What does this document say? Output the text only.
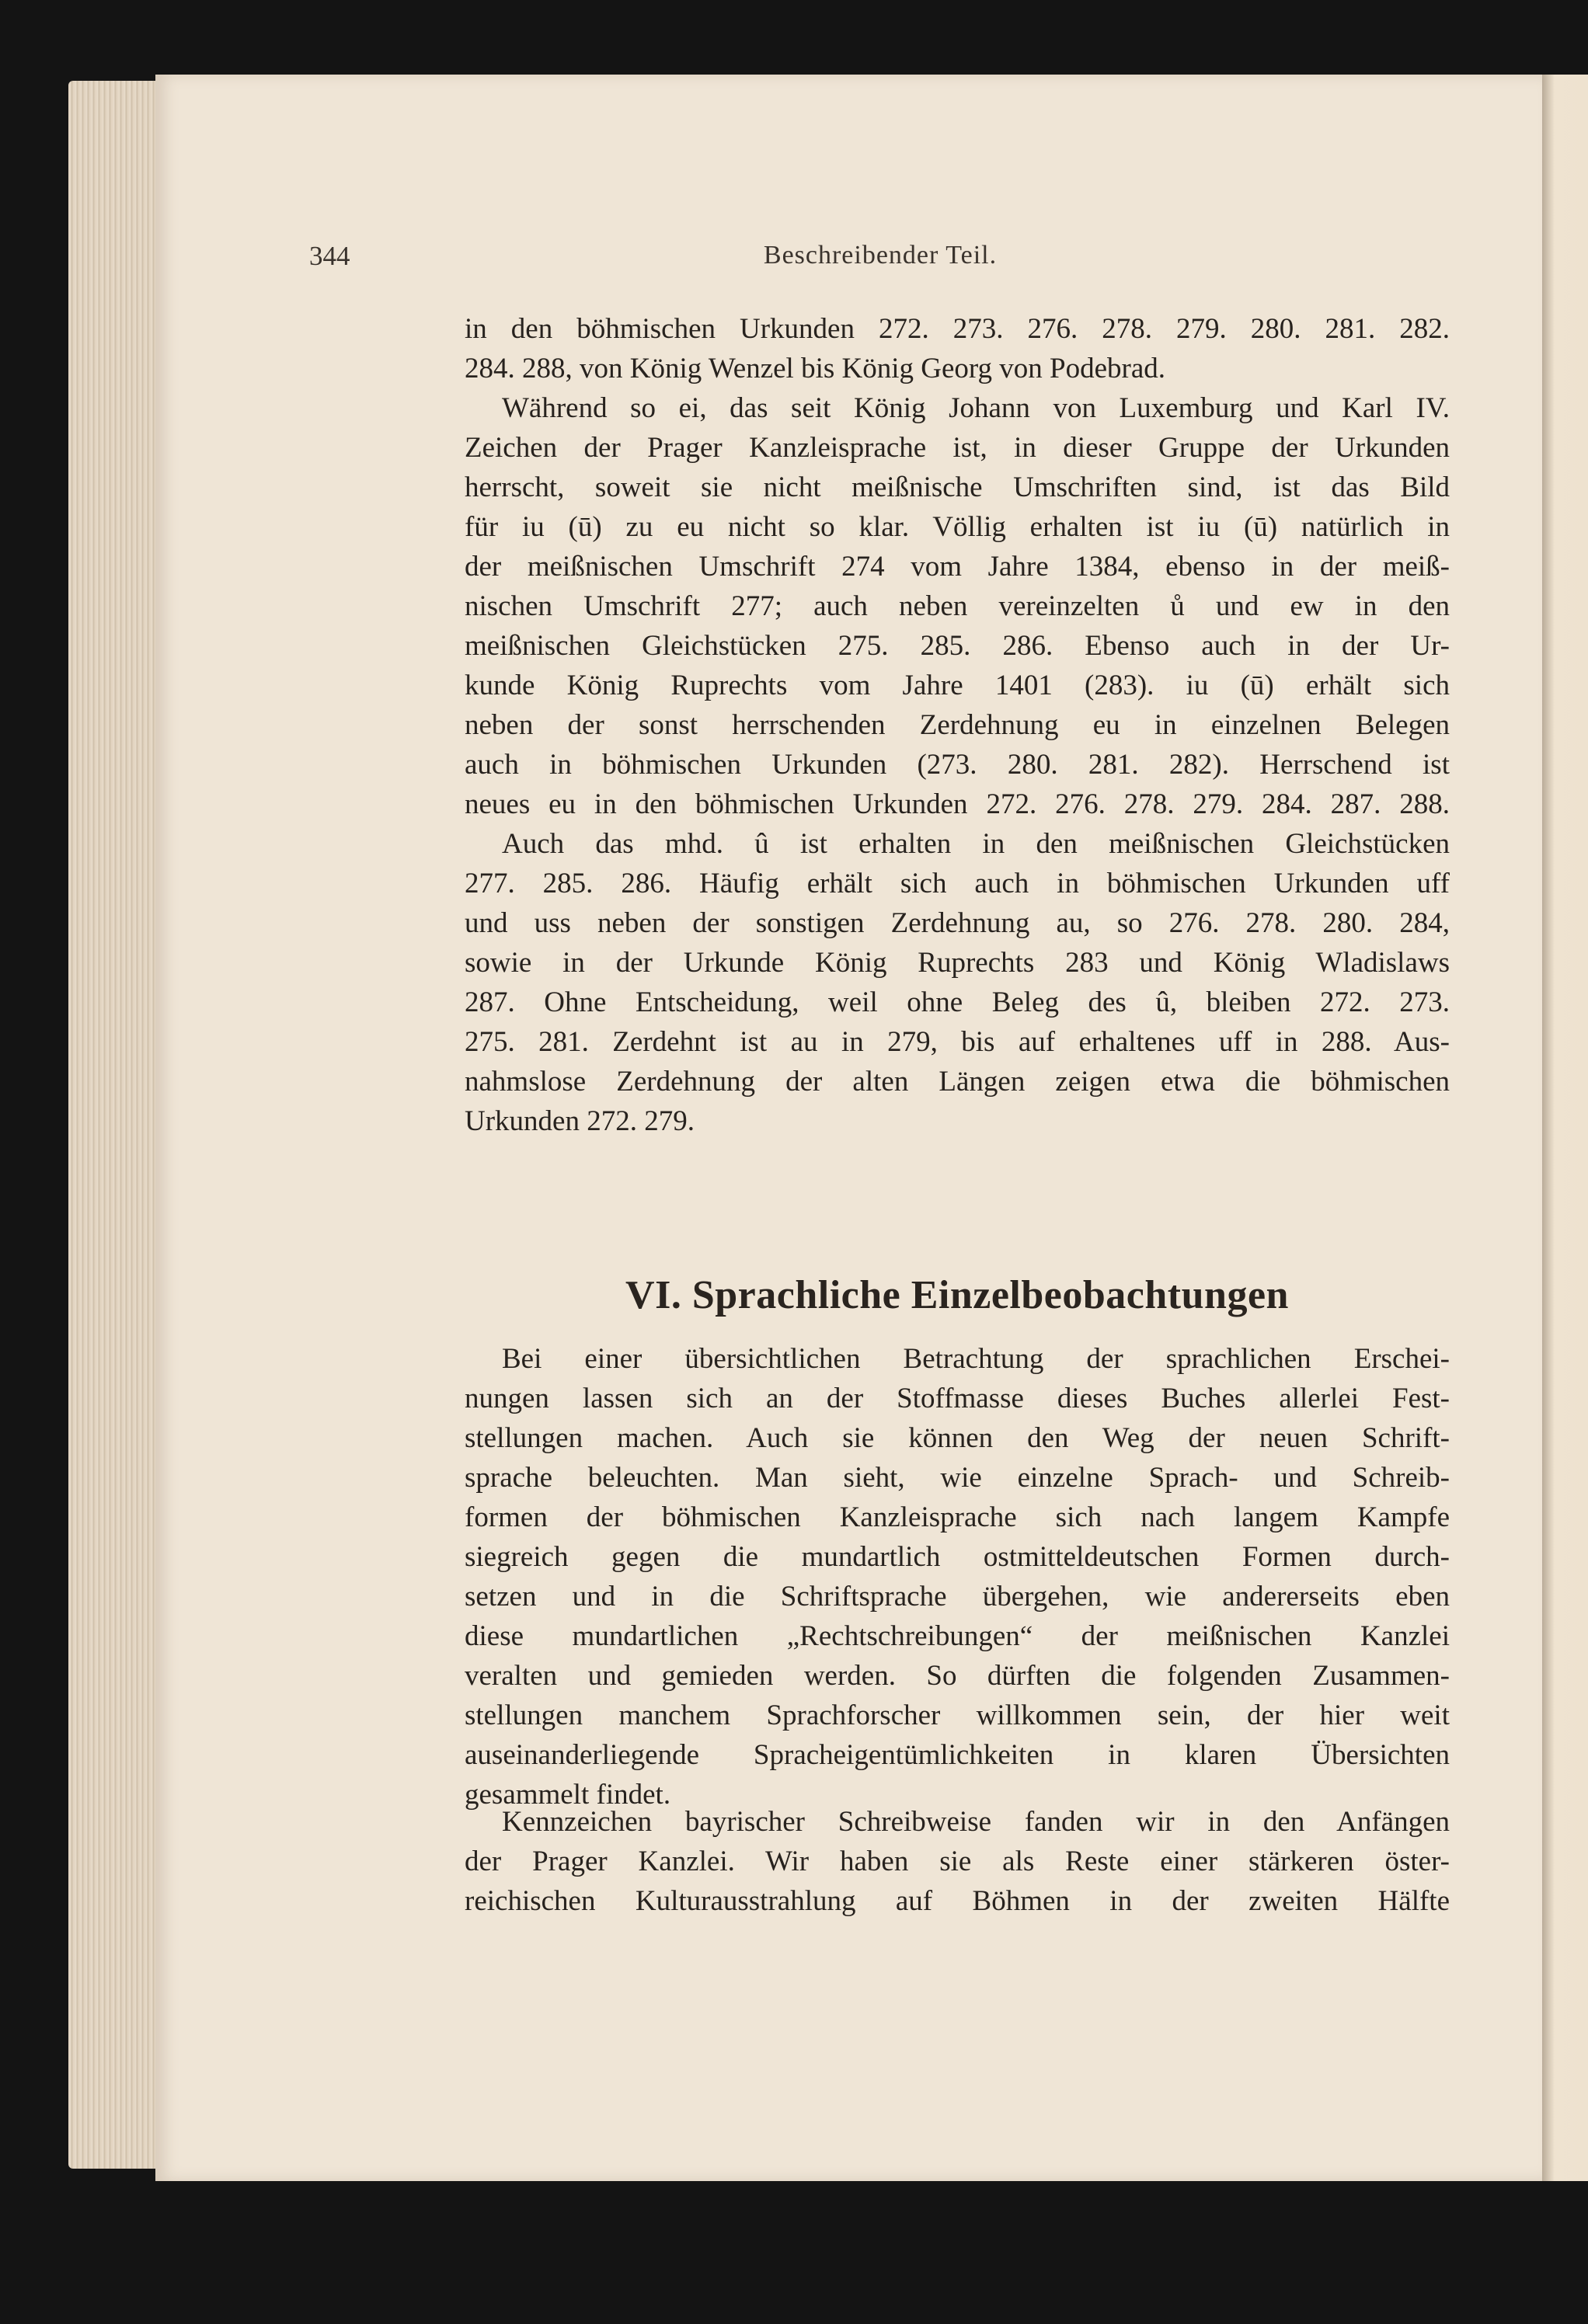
344	Beschreibender Teil.
in den böhmischen Urkunden 272. 273. 276. 278. 279. 280. 281. 282.
284. 288, von König Wenzel bis König Georg von Podebrad.
Während so ei, das seit König Johann von Luxemburg und Karl IV.
Zeichen der Prager Kanzleisprache ist, in dieser Gruppe der Urkunden
herrscht, soweit sie nicht meißnische Umschriften sind, ist das Bild
für iu (ū) zu eu nicht so klar. Völlig erhalten ist iu (ū) natürlich in
der meißnischen Umschrift 274 vom Jahre 1384, ebenso in der meiß-
nischen Umschrift 277; auch neben vereinzelten ů und ew in den
meißnischen Gleichstücken 275. 285. 286. Ebenso auch in der Ur-
kunde König Ruprechts vom Jahre 1401 (283). iu (ū) erhält sich
neben der sonst herrschenden Zerdehnung eu in einzelnen Belegen
auch in böhmischen Urkunden (273. 280. 281. 282). Herrschend ist
neues eu in den böhmischen Urkunden 272. 276. 278. 279. 284. 287. 288.
Auch das mhd. û ist erhalten in den meißnischen Gleichstücken
277. 285. 286. Häufig erhält sich auch in böhmischen Urkunden uff
und uss neben der sonstigen Zerdehnung au, so 276. 278. 280. 284,
sowie in der Urkunde König Ruprechts 283 und König Wladislaws
287. Ohne Entscheidung, weil ohne Beleg des û, bleiben 272. 273.
275. 281. Zerdehnt ist au in 279, bis auf erhaltenes uff in 288. Aus-
nahmslose Zerdehnung der alten Längen zeigen etwa die böhmischen
Urkunden 272. 279.
VI. Sprachliche Einzelbeobachtungen
Bei einer übersichtlichen Betrachtung der sprachlichen Erschei-
nungen lassen sich an der Stoffmasse dieses Buches allerlei Fest-
stellungen machen. Auch sie können den Weg der neuen Schrift-
sprache beleuchten. Man sieht, wie einzelne Sprach- und Schreib-
formen der böhmischen Kanzleisprache sich nach langem Kampfe
siegreich gegen die mundartlich ostmitteldeutschen Formen durch-
setzen und in die Schriftsprache übergehen, wie andererseits eben
diese mundartlichen „Rechtschreibungen“ der meißnischen Kanzlei
veralten und gemieden werden. So dürften die folgenden Zusammen-
stellungen manchem Sprachforscher willkommen sein, der hier weit
auseinanderliegende Spracheigentümlichkeiten in klaren Übersichten
gesammelt findet.
Kennzeichen bayrischer Schreibweise fanden wir in den Anfängen
der Prager Kanzlei. Wir haben sie als Reste einer stärkeren öster-
reichischen Kulturausstrahlung auf Böhmen in der zweiten Hälfte
